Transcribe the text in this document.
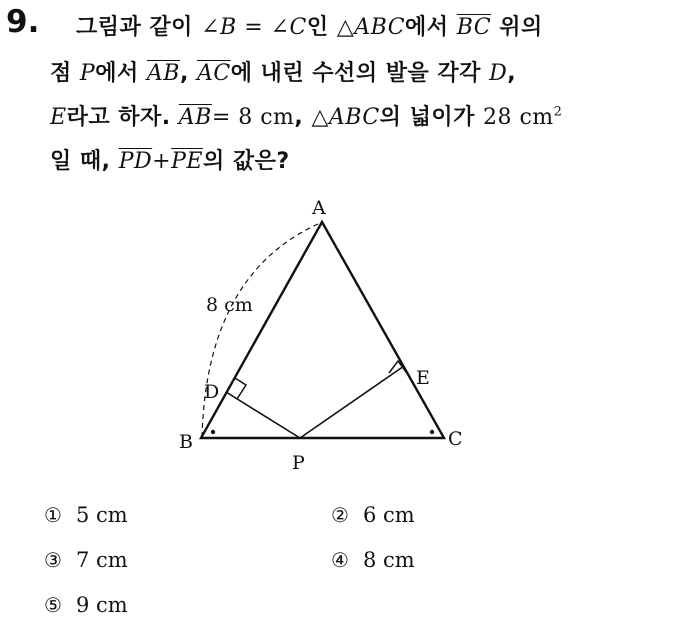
9. 그림과 같이 ∠B = ∠C인 △ABC에서 $\overline{BC}$ 위의
점 P에서 $\overline{AB}$, $\overline{AC}$에 내린 수선의 발을 각각 D,
E라고 하자. $\overline{AB}= 8$ cm, △ABC의 넓이가 28 $cm^2$
일 때, $\overline{PD}+\overline{PE}$의 값은?
A
B	C
D
E
P
8 cm
① 5 cm	② 6 cm
③ 7 cm	④ 8 cm
⑤ 9 cm
